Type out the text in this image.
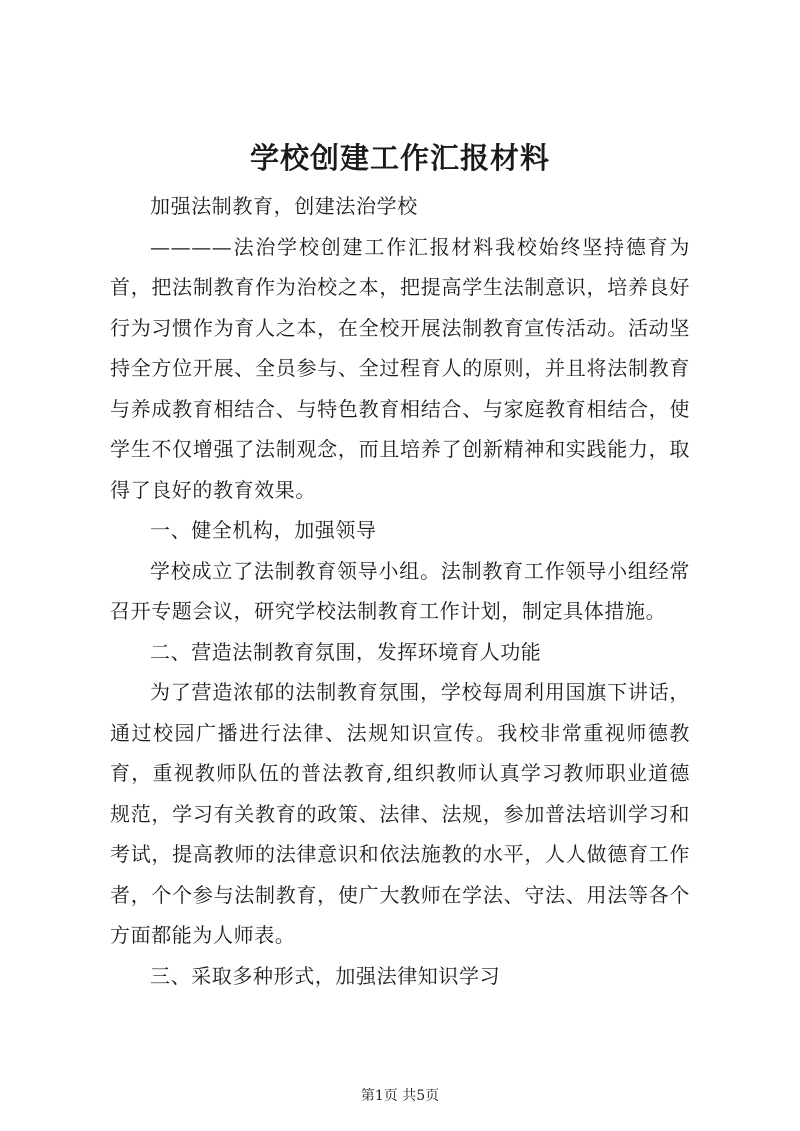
学校创建工作汇报材料

加强法制教育，创建法治学校

————法治学校创建工作汇报材料我校始终坚持德育为首，把法制教育作为治校之本，把提高学生法制意识，培养良好行为习惯作为育人之本，在全校开展法制教育宣传活动。活动坚持全方位开展、全员参与、全过程育人的原则，并且将法制教育与养成教育相结合、与特色教育相结合、与家庭教育相结合，使学生不仅增强了法制观念，而且培养了创新精神和实践能力，取得了良好的教育效果。

一、健全机构，加强领导

学校成立了法制教育领导小组。法制教育工作领导小组经常召开专题会议，研究学校法制教育工作计划，制定具体措施。

二、营造法制教育氛围，发挥环境育人功能

为了营造浓郁的法制教育氛围，学校每周利用国旗下讲话，通过校园广播进行法律、法规知识宣传。我校非常重视师德教育，重视教师队伍的普法教育,组织教师认真学习教师职业道德规范，学习有关教育的政策、法律、法规，参加普法培训学习和考试，提高教师的法律意识和依法施教的水平，人人做德育工作者，个个参与法制教育，使广大教师在学法、守法、用法等各个方面都能为人师表。

三、采取多种形式，加强法律知识学习

第1页 共5页
